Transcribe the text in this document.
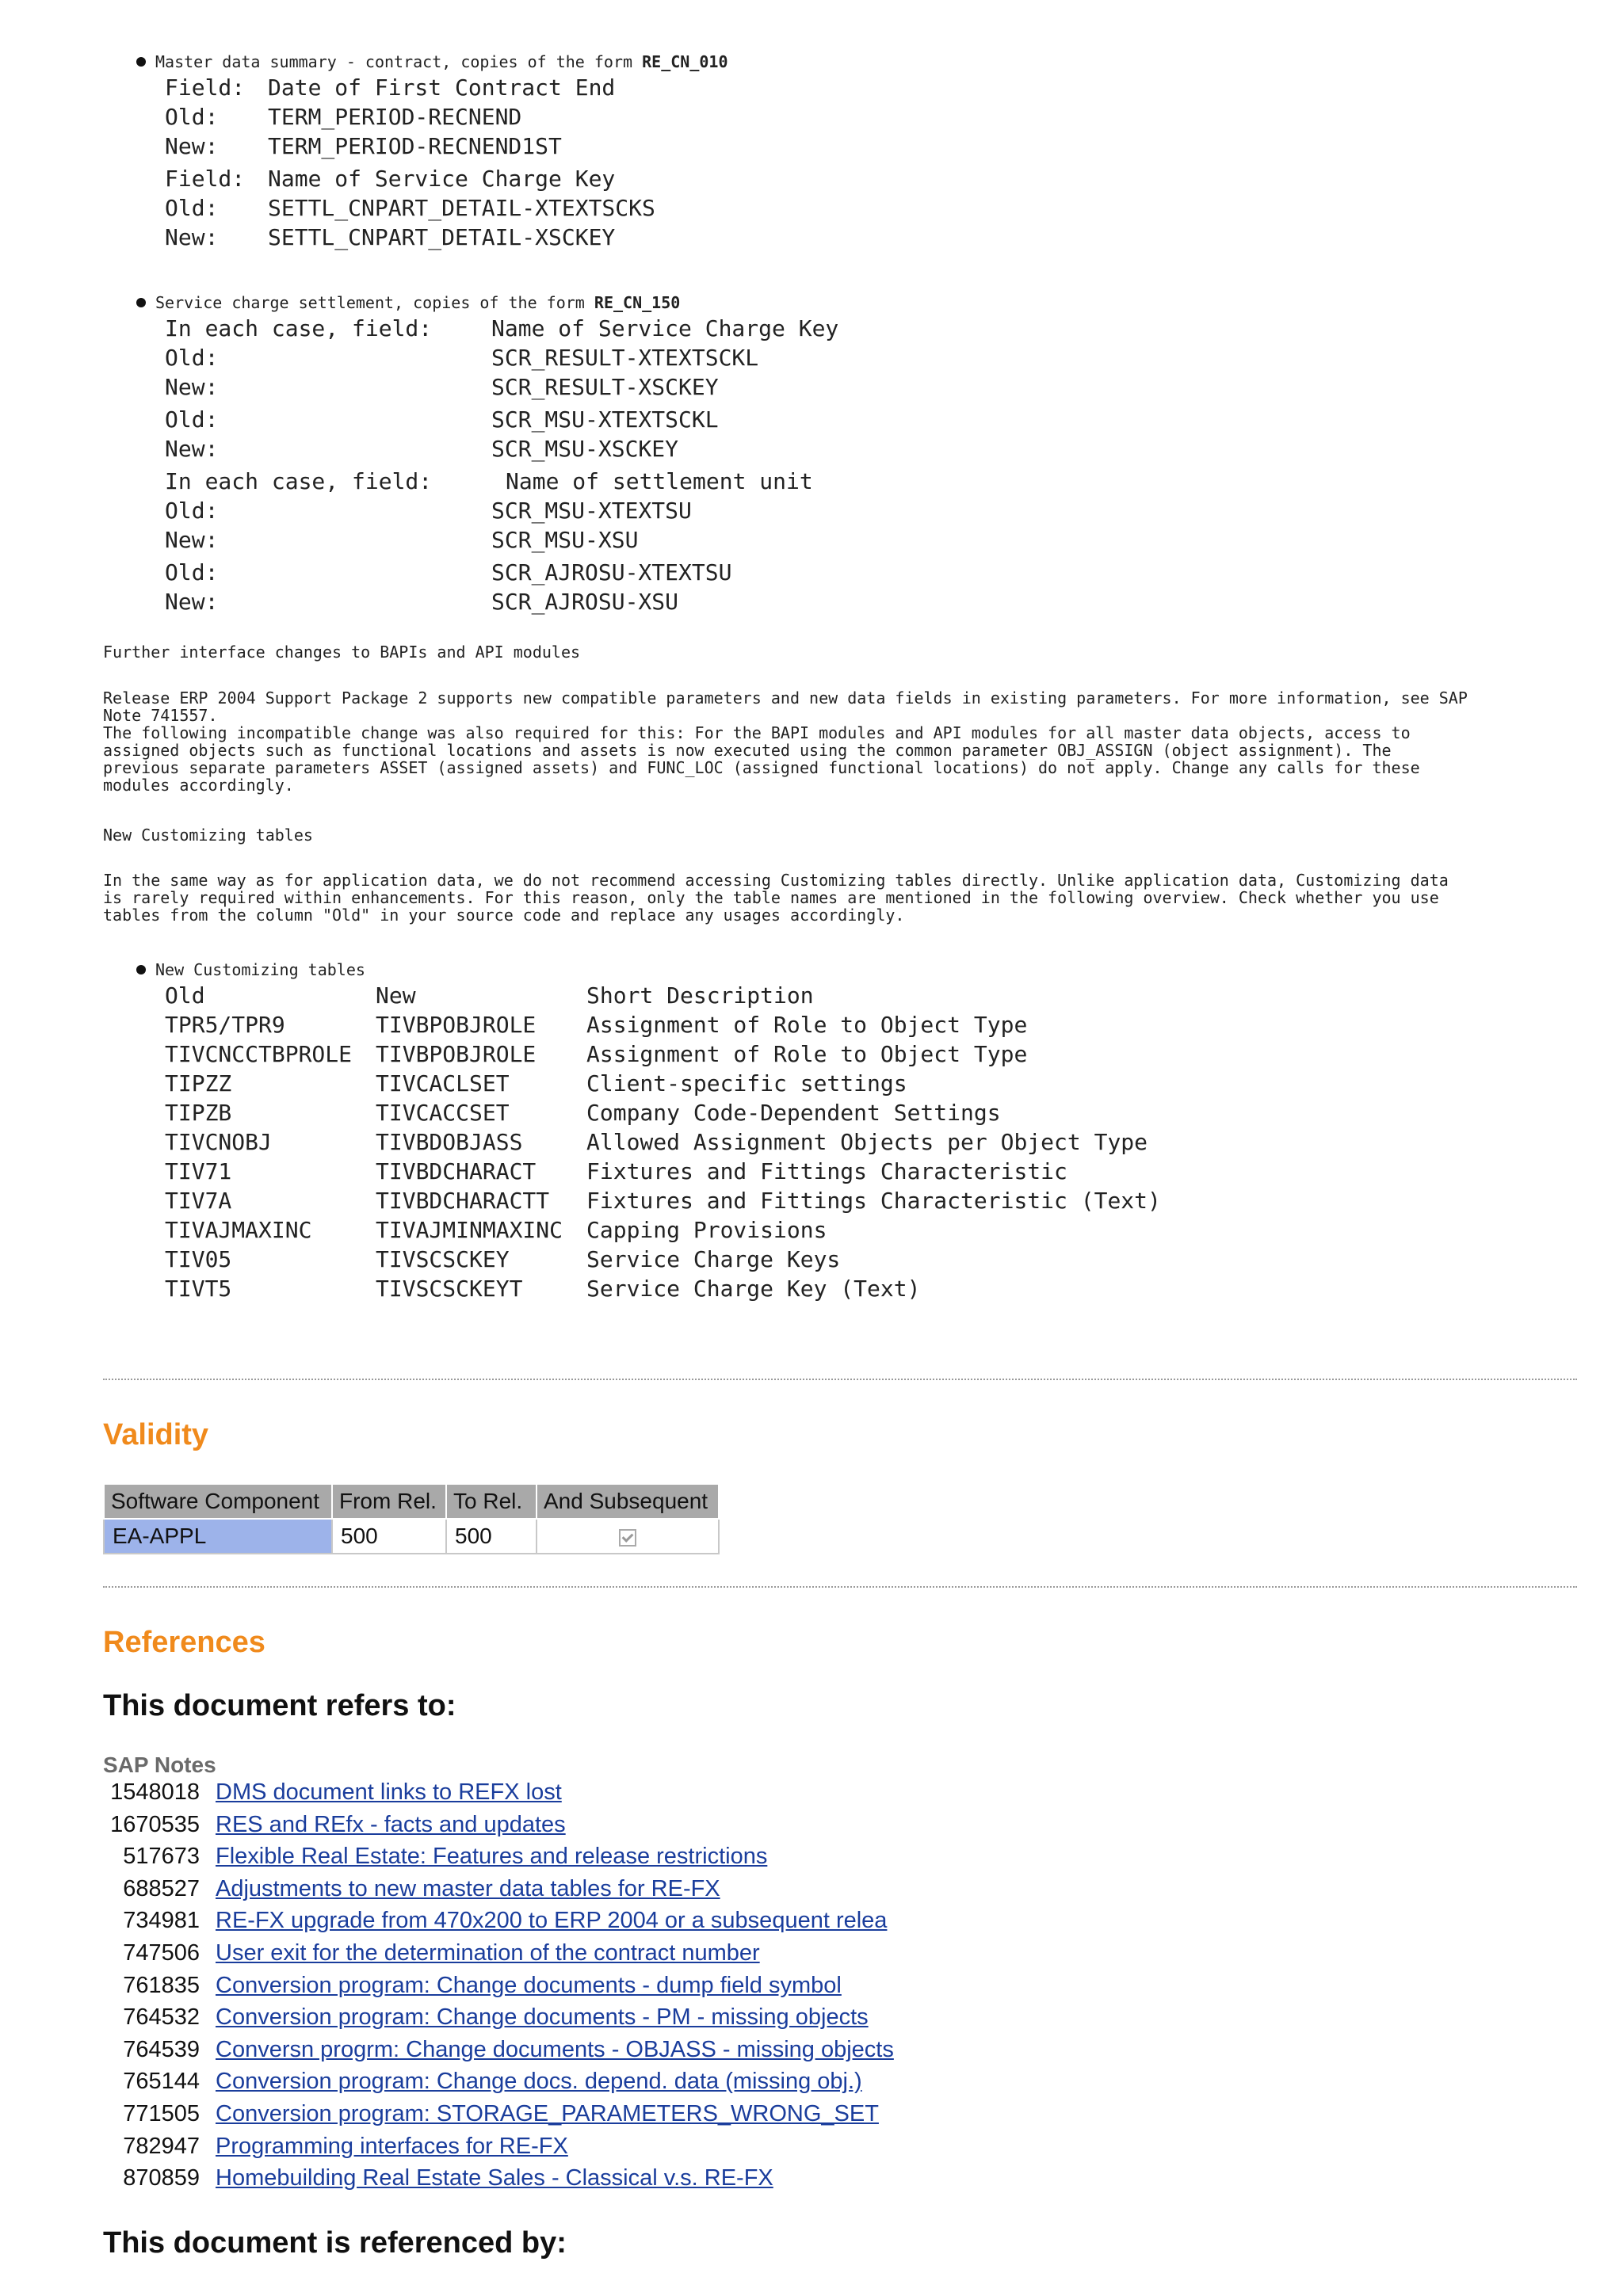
Master data summary - contract, copies of the form RE_CN_010
Field: Date of First Contract End
Old: TERM_PERIOD-RECNEND
New: TERM_PERIOD-RECNEND1ST
Field: Name of Service Charge Key
Old: SETTL_CNPART_DETAIL-XTEXTSCKS
New: SETTL_CNPART_DETAIL-XSCKEY
Service charge settlement, copies of the form RE_CN_150
In each case, field:	Name of Service Charge Key
Old:	SCR_RESULT-XTEXTSCKL
New:	SCR_RESULT-XSCKEY
Old:	SCR_MSU-XTEXTSCKL
New:	SCR_MSU-XSCKEY
In each case, field:	Name of settlement unit
Old:	SCR_MSU-XTEXTSU
New:	SCR_MSU-XSU
Old:	SCR_AJROSU-XTEXTSU
New:	SCR_AJROSU-XSU
Further interface changes to BAPIs and API modules
Release ERP 2004 Support Package 2 supports new compatible parameters and new data fields in existing parameters. For more information, see SAP
Note 741557.
The following incompatible change was also required for this: For the BAPI modules and API modules for all master data objects, access to
assigned objects such as functional locations and assets is now executed using the common parameter OBJ_ASSIGN (object assignment). The
previous separate parameters ASSET (assigned assets) and FUNC_LOC (assigned functional locations) do not apply. Change any calls for these
modules accordingly.
New Customizing tables
In the same way as for application data, we do not recommend accessing Customizing tables directly. Unlike application data, Customizing data
is rarely required within enhancements. For this reason, only the table names are mentioned in the following overview. Check whether you use
tables from the column "Old" in your source code and replace any usages accordingly.
New Customizing tables
Old	New	Short Description
TPR5/TPR9	TIVBPOBJROLE Assignment of Role to Object Type
TIVCNCCTBPROLE TIVBPOBJROLE Assignment of Role to Object Type
TIPZZ	TIVCACLSET	Client-specific settings
TIPZB	TIVCACCSET	Company Code-Dependent Settings
TIVCNOBJ	TIVBDOBJASS	Allowed Assignment Objects per Object Type
TIV71	TIVBDCHARACT Fixtures and Fittings Characteristic
TIV7A	TIVBDCHARACTT Fixtures and Fittings Characteristic (Text)
TIVAJMAXINC	TIVAJMINMAXINC Capping Provisions
TIV05	TIVSCSCKEY	Service Charge Keys
TIVT5	TIVSCSCKEYT	Service Charge Key (Text)
Validity
Software Component	From Rel.	To Rel.	And Subsequent
EA-APPL	500	500	
References
This document refers to:
SAP Notes
1548018 DMS document links to REFX lost
1670535 RES and REfx - facts and updates
517673 Flexible Real Estate: Features and release restrictions
688527 Adjustments to new master data tables for RE-FX
734981 RE-FX upgrade from 470x200 to ERP 2004 or a subsequent relea
747506 User exit for the determination of the contract number
761835 Conversion program: Change documents - dump field symbol
764532 Conversion program: Change documents - PM - missing objects
764539 Conversn progrm: Change documents - OBJASS - missing objects
765144 Conversion program: Change docs. depend. data (missing obj.)
771505 Conversion program: STORAGE_PARAMETERS_WRONG_SET
782947 Programming interfaces for RE-FX
870859 Homebuilding Real Estate Sales - Classical v.s. RE-FX
This document is referenced by:
